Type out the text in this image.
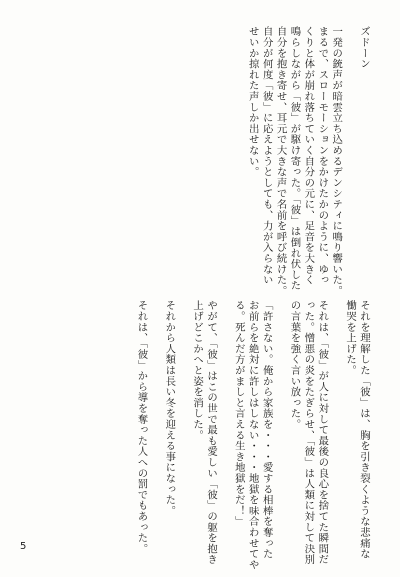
ズドーン

一発の銃声が暗雲立ち込めるデンシティに鳴り響いた。
まるで、スローモーションをかけたかのように、ゆっ
くりと体が崩れ落ちていく自分の元に、足音を大きく
鳴らしながら「彼」が駆け寄った。「彼」は倒れ伏した
自分を抱き寄せ、耳元で大きな声で名前を呼び続けた。
自分が何度「彼」に応えようとしても、力が入らない
せいか掠れた声しか出せない。
それを理解した「彼」は、胸を引き裂くような悲痛な
慟哭を上げた。

それは、「彼」が人に対して最後の良心を捨てた瞬間だ
った。憎悪の炎をたぎらせ、「彼」は人類に対して決別
の言葉を強く言い放った。

「許さない。俺から家族を・・・愛する相棒を奪った
お前らを絶対に許しはしない・・・地獄を味合わせてや
る。死んだ方がましと言える生き地獄をだ！」

やがて、「彼」はこの世で最も愛しい「彼」の躯を抱き
上げどこかへと姿を消した。

それから人類は長い冬を迎える事になった。

それは、「彼」から導を奪った人への罰でもあった。
5
